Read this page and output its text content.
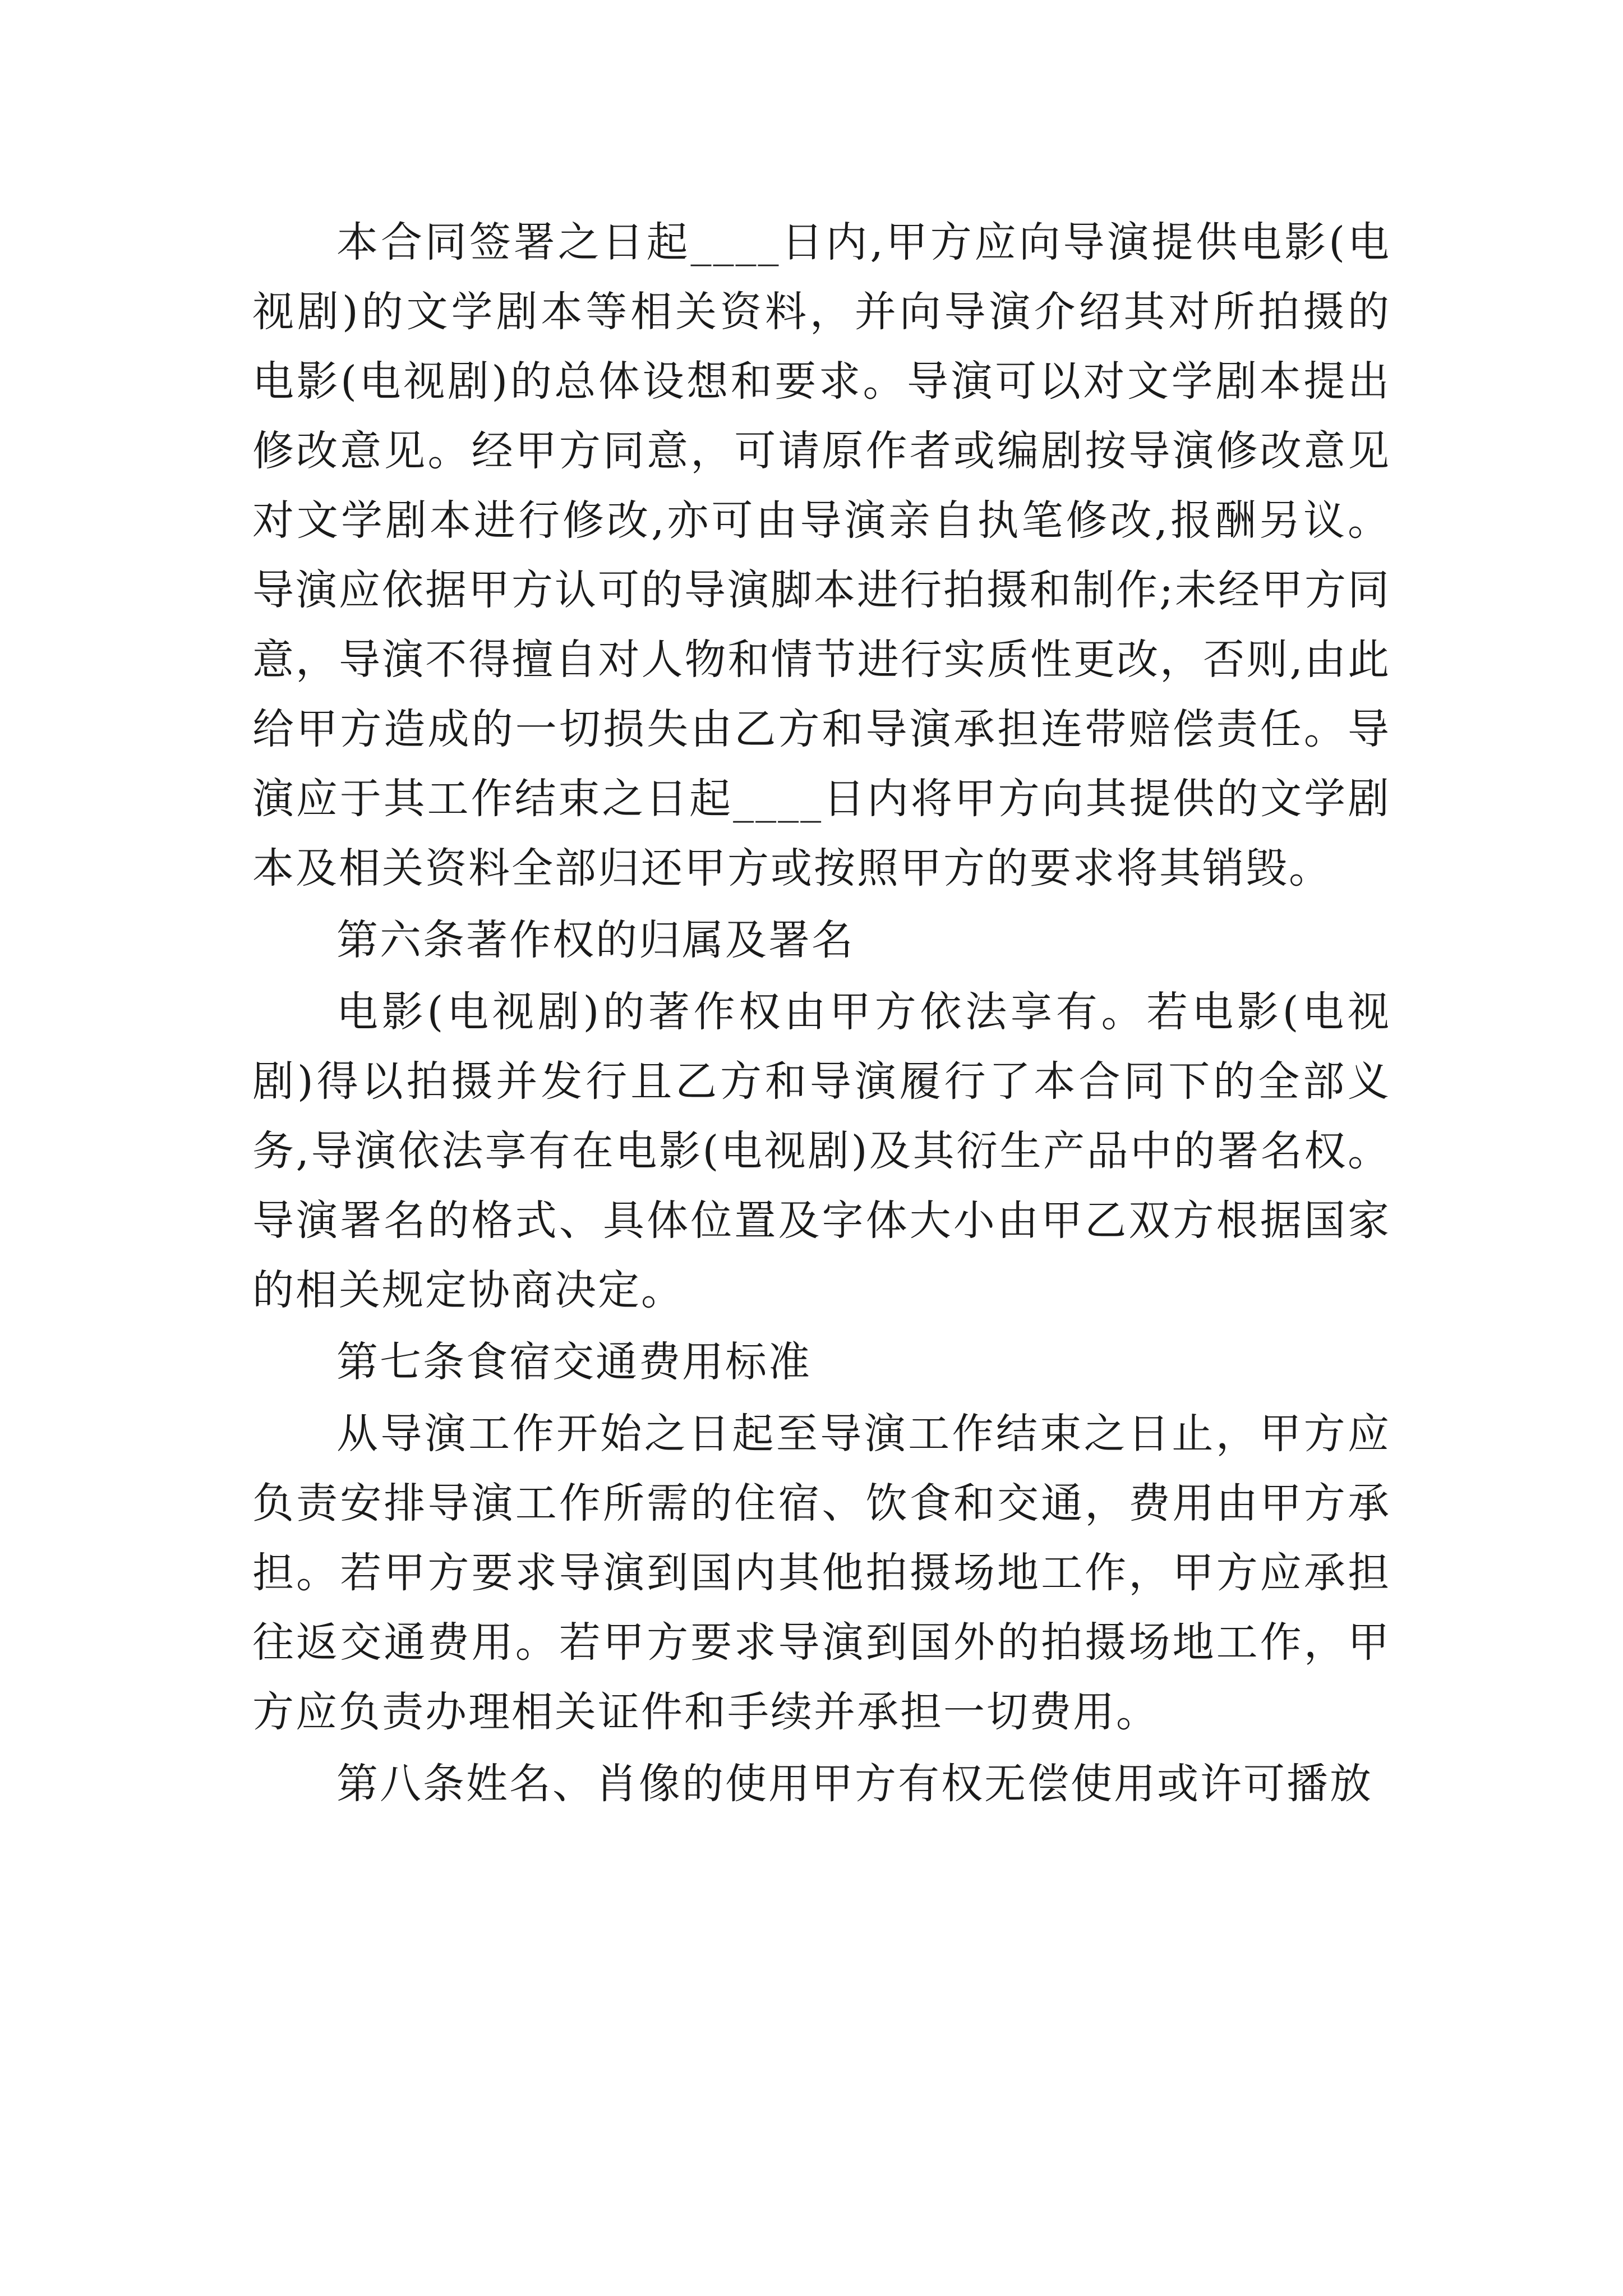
本合同签署之日起____日内,甲方应向导演提供电影(电视剧)的文学剧本等相关资料，并向导演介绍其对所拍摄的电影(电视剧)的总体设想和要求。导演可以对文学剧本提出修改意见。经甲方同意，可请原作者或编剧按导演修改意见对文学剧本进行修改,亦可由导演亲自执笔修改,报酬另议。导演应依据甲方认可的导演脚本进行拍摄和制作;未经甲方同意，导演不得擅自对人物和情节进行实质性更改，否则,由此给甲方造成的一切损失由乙方和导演承担连带赔偿责任。导演应于其工作结束之日起____日内将甲方向其提供的文学剧本及相关资料全部归还甲方或按照甲方的要求将其销毁。

第六条著作权的归属及署名

电影(电视剧)的著作权由甲方依法享有。若电影(电视剧)得以拍摄并发行且乙方和导演履行了本合同下的全部义务,导演依法享有在电影(电视剧)及其衍生产品中的署名权。导演署名的格式、具体位置及字体大小由甲乙双方根据国家的相关规定协商决定。

第七条食宿交通费用标准

从导演工作开始之日起至导演工作结束之日止，甲方应负责安排导演工作所需的住宿、饮食和交通，费用由甲方承担。若甲方要求导演到国内其他拍摄场地工作，甲方应承担往返交通费用。若甲方要求导演到国外的拍摄场地工作，甲方应负责办理相关证件和手续并承担一切费用。

第八条姓名、肖像的使用甲方有权无偿使用或许可播放
